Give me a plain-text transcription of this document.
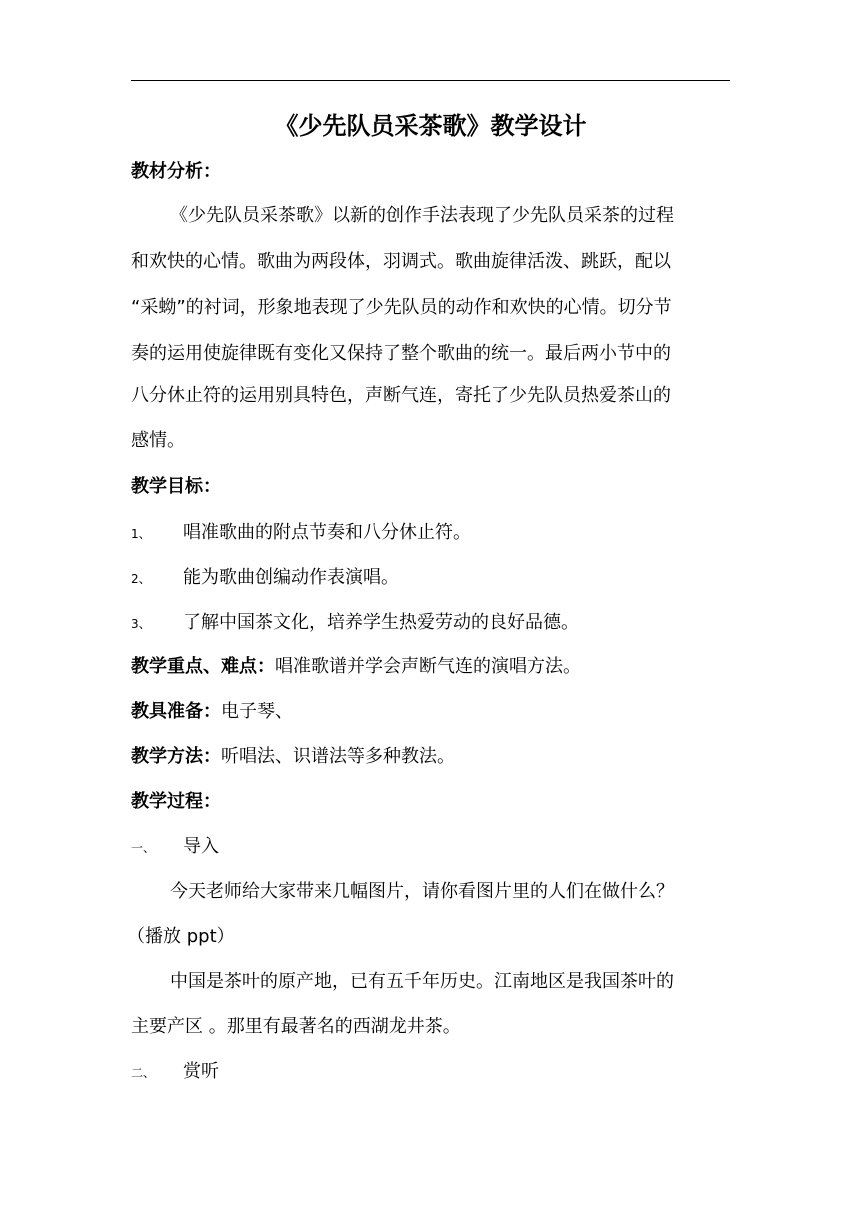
《少先队员采茶歌》教学设计
教材分析：
《少先队员采茶歌》以新的创作手法表现了少先队员采茶的过程
和欢快的心情。歌曲为两段体，羽调式。歌曲旋律活泼、跳跃，配以
“采蚴”的衬词，形象地表现了少先队员的动作和欢快的心情。切分节
奏的运用使旋律既有变化又保持了整个歌曲的统一。最后两小节中的
八分休止符的运用别具特色，声断气连，寄托了少先队员热爱茶山的
感情。
教学目标：
1、 唱准歌曲的附点节奏和八分休止符。
2、 能为歌曲创编动作表演唱。
3、 了解中国茶文化，培养学生热爱劳动的良好品德。
教学重点、难点：唱准歌谱并学会声断气连的演唱方法。
教具准备：电子琴、
教学方法：听唱法、识谱法等多种教法。
教学过程：
一、 导入
今天老师给大家带来几幅图片，请你看图片里的人们在做什么？
（播放 ppt）
中国是茶叶的原产地，已有五千年历史。江南地区是我国茶叶的
主要产区 。那里有最著名的西湖龙井茶。
二、 赏听
